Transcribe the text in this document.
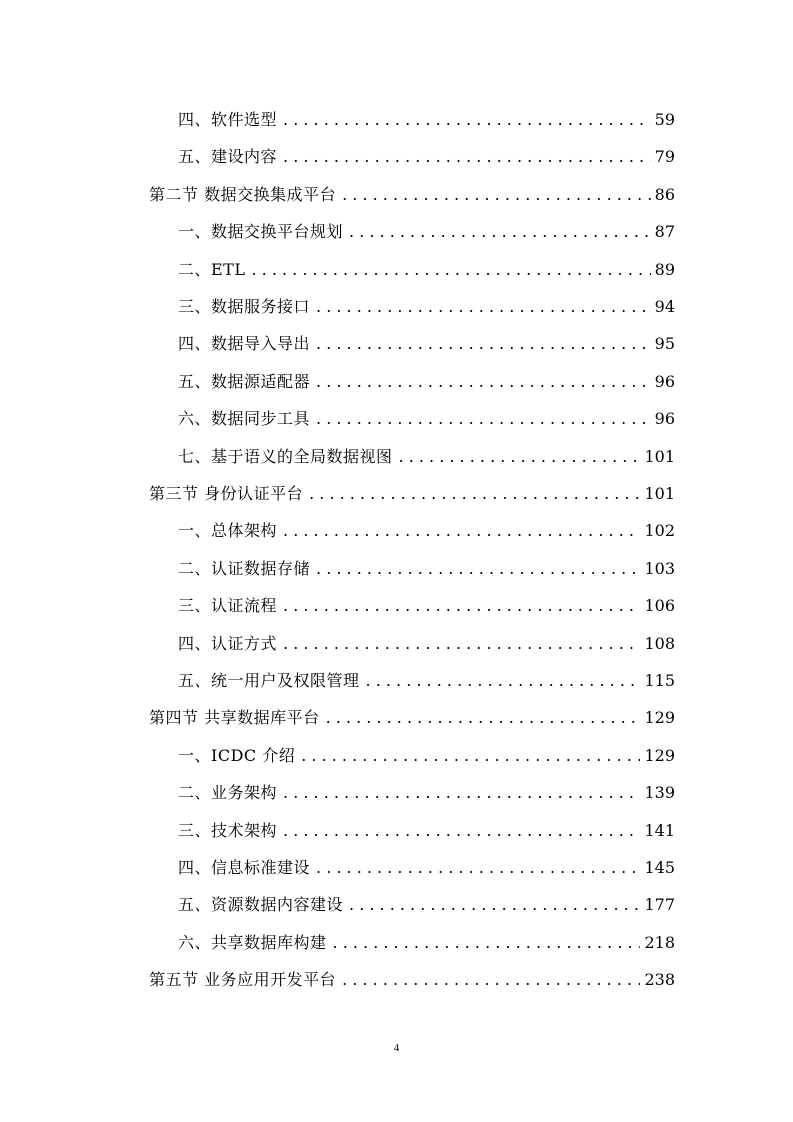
四、软件选型 . . .	59
五、建设内容 . . .	79
第二节 数据交换集成平台 . . .	86
一、数据交换平台规划 . . .	87
二、ETL . . .	89
三、数据服务接口 . . .	94
四、数据导入导出 . . .	95
五、数据源适配器 . . .	96
六、数据同步工具 . . .	96
七、基于语义的全局数据视图 . . .	101
第三节 身份认证平台 . . .	101
一、总体架构 . . .	102
二、认证数据存储 . . .	103
三、认证流程 . . .	106
四、认证方式 . . .	108
五、统一用户及权限管理 . . .	115
第四节 共享数据库平台 . . .	129
一、ICDC 介绍 . . .	129
二、业务架构 . . .	139
三、技术架构 . . .	141
四、信息标准建设 . . .	145
五、资源数据内容建设 . . .	177
六、共享数据库构建 . . .	218
第五节 业务应用开发平台 . . .	238
4
